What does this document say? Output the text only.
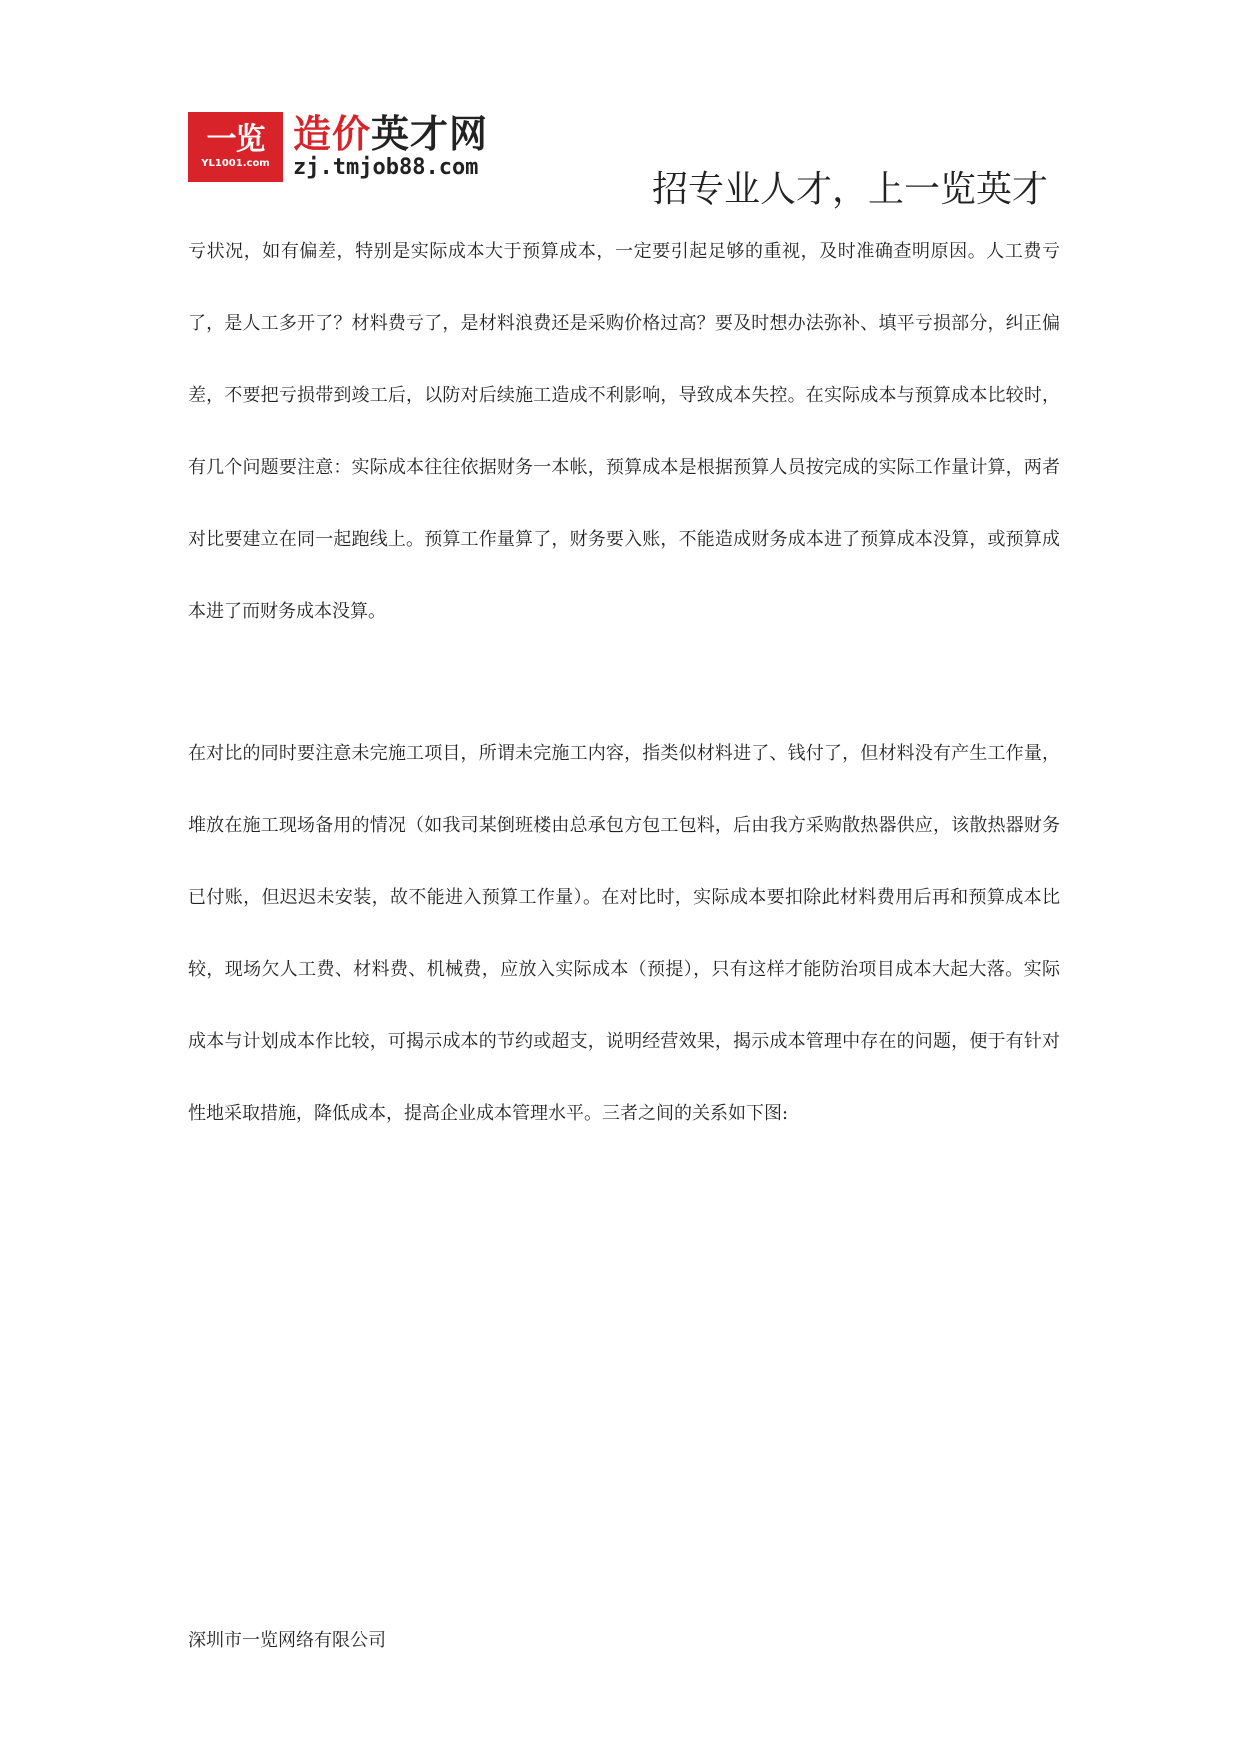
一览
YL1001.com
造价英才网
zj.tmjob88.com
招专业人才，上一览英才

亏状况，如有偏差，特别是实际成本大于预算成本，一定要引起足够的重视，及时准确查明原因。人工费亏了，是人工多开了？材料费亏了，是材料浪费还是采购价格过高？要及时想办法弥补、填平亏损部分，纠正偏差，不要把亏损带到竣工后，以防对后续施工造成不利影响，导致成本失控。在实际成本与预算成本比较时，有几个问题要注意：实际成本往往依据财务一本帐，预算成本是根据预算人员按完成的实际工作量计算，两者对比要建立在同一起跑线上。预算工作量算了，财务要入账，不能造成财务成本进了预算成本没算，或预算成本进了而财务成本没算。

在对比的同时要注意未完施工项目，所谓未完施工内容，指类似材料进了、钱付了，但材料没有产生工作量，堆放在施工现场备用的情况（如我司某倒班楼由总承包方包工包料，后由我方采购散热器供应，该散热器财务已付账，但迟迟未安装，故不能进入预算工作量）。在对比时，实际成本要扣除此材料费用后再和预算成本比较，现场欠人工费、材料费、机械费，应放入实际成本（预提），只有这样才能防治项目成本大起大落。实际成本与计划成本作比较，可揭示成本的节约或超支，说明经营效果，揭示成本管理中存在的问题，便于有针对性地采取措施，降低成本，提高企业成本管理水平。三者之间的关系如下图:

深圳市一览网络有限公司
